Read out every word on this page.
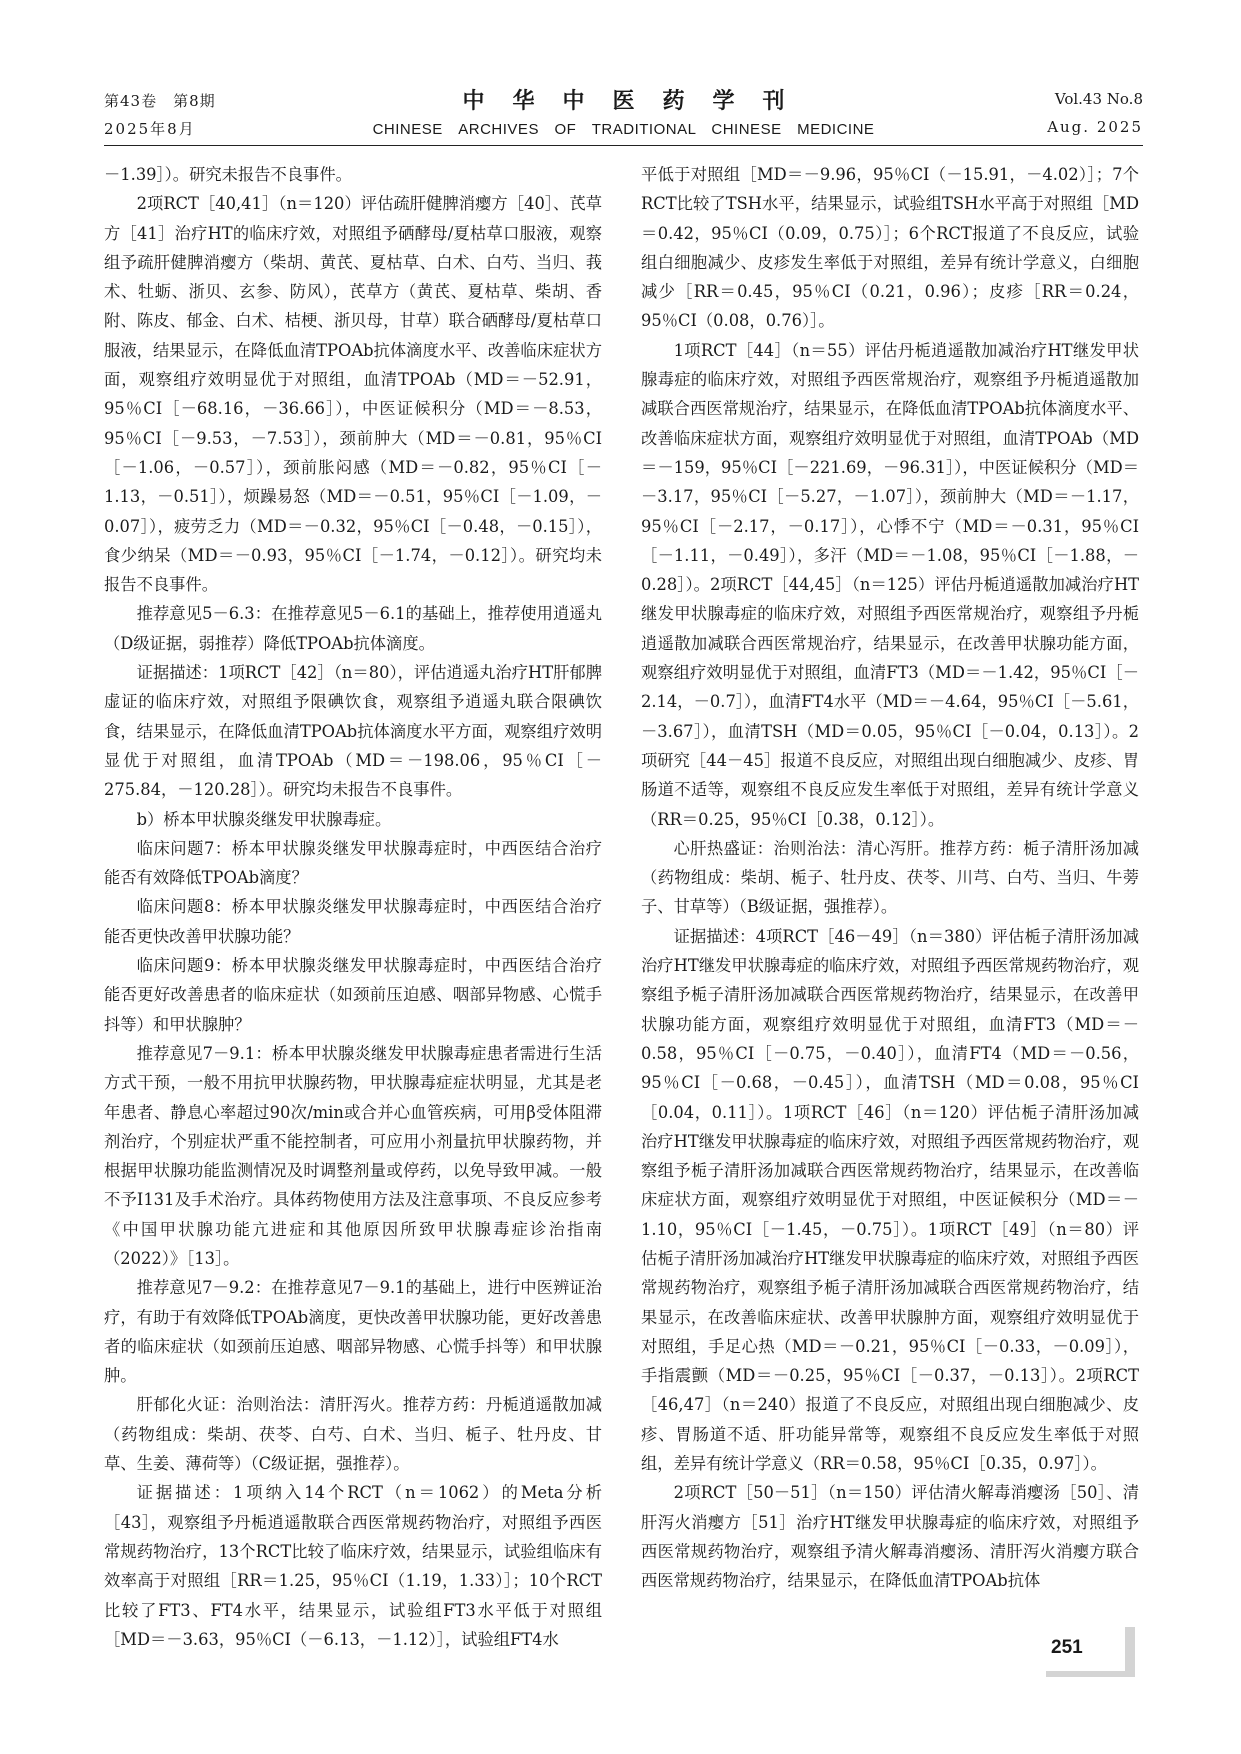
第43卷　第8期
2025年8月
中华中医药学刊
CHINESE　ARCHIVES　OF　TRADITIONAL　CHINESE　MEDICINE
Vol.43 No.8
Aug. 2025

－1.39］）。研究未报告不良事件。

2项RCT［40,41］（n＝120）评估疏肝健脾消瘿方［40］、芪草方［41］治疗HT的临床疗效，对照组予硒酵母/夏枯草口服液，观察组予疏肝健脾消瘿方（柴胡、黄芪、夏枯草、白术、白芍、当归、莪术、牡蛎、浙贝、玄参、防风），芪草方（黄芪、夏枯草、柴胡、香附、陈皮、郁金、白术、桔梗、浙贝母，甘草）联合硒酵母/夏枯草口服液，结果显示，在降低血清TPOAb抗体滴度水平、改善临床症状方面，观察组疗效明显优于对照组，血清TPOAb（MD＝－52.91，95％CI［－68.16，－36.66］），中医证候积分（MD＝－8.53，95％CI［－9.53，－7.53］），颈前肿大（MD＝－0.81，95％CI［－1.06，－0.57］），颈前胀闷感（MD＝－0.82，95％CI［－1.13，－0.51］），烦躁易怒（MD＝－0.51，95％CI［－1.09，－0.07］），疲劳乏力（MD＝－0.32，95％CI［－0.48，－0.15］），食少纳呆（MD＝－0.93，95％CI［－1.74，－0.12］）。研究均未报告不良事件。

推荐意见5－6.3：在推荐意见5－6.1的基础上，推荐使用逍遥丸（D级证据，弱推荐）降低TPOAb抗体滴度。

证据描述：1项RCT［42］（n＝80），评估逍遥丸治疗HT肝郁脾虚证的临床疗效，对照组予限碘饮食，观察组予逍遥丸联合限碘饮食，结果显示，在降低血清TPOAb抗体滴度水平方面，观察组疗效明显优于对照组，血清TPOAb（MD＝－198.06，95％CI［－275.84，－120.28］）。研究均未报告不良事件。

b）桥本甲状腺炎继发甲状腺毒症。

临床问题7：桥本甲状腺炎继发甲状腺毒症时，中西医结合治疗能否有效降低TPOAb滴度？

临床问题8：桥本甲状腺炎继发甲状腺毒症时，中西医结合治疗能否更快改善甲状腺功能？

临床问题9：桥本甲状腺炎继发甲状腺毒症时，中西医结合治疗能否更好改善患者的临床症状（如颈前压迫感、咽部异物感、心慌手抖等）和甲状腺肿？

推荐意见7－9.1：桥本甲状腺炎继发甲状腺毒症患者需进行生活方式干预，一般不用抗甲状腺药物，甲状腺毒症症状明显，尤其是老年患者、静息心率超过90次/min或合并心血管疾病，可用β受体阻滞剂治疗，个别症状严重不能控制者，可应用小剂量抗甲状腺药物，并根据甲状腺功能监测情况及时调整剂量或停药，以免导致甲减。一般不予I131及手术治疗。具体药物使用方法及注意事项、不良反应参考《中国甲状腺功能亢进症和其他原因所致甲状腺毒症诊治指南（2022）》［13］。

推荐意见7－9.2：在推荐意见7－9.1的基础上，进行中医辨证治疗，有助于有效降低TPOAb滴度，更快改善甲状腺功能，更好改善患者的临床症状（如颈前压迫感、咽部异物感、心慌手抖等）和甲状腺肿。

肝郁化火证：治则治法：清肝泻火。推荐方药：丹栀逍遥散加减（药物组成：柴胡、茯苓、白芍、白术、当归、栀子、牡丹皮、甘草、生姜、薄荷等）（C级证据，强推荐）。

证据描述：1项纳入14个RCT（n＝1062）的Meta分析［43］，观察组予丹栀逍遥散联合西医常规药物治疗，对照组予西医常规药物治疗，13个RCT比较了临床疗效，结果显示，试验组临床有效率高于对照组［RR＝1.25，95％CI（1.19，1.33）］；10个RCT比较了FT3、FT4水平，结果显示，试验组FT3水平低于对照组［MD＝－3.63，95％CI（－6.13，－1.12）］，试验组FT4水

平低于对照组［MD＝－9.96，95％CI（－15.91，－4.02）］；7个RCT比较了TSH水平，结果显示，试验组TSH水平高于对照组［MD＝0.42，95％CI（0.09，0.75）］；6个RCT报道了不良反应，试验组白细胞减少、皮疹发生率低于对照组，差异有统计学意义，白细胞减少［RR＝0.45，95％CI（0.21，0.96）；皮疹［RR＝0.24，95％CI（0.08，0.76）］。

1项RCT［44］（n＝55）评估丹栀逍遥散加减治疗HT继发甲状腺毒症的临床疗效，对照组予西医常规治疗，观察组予丹栀逍遥散加减联合西医常规治疗，结果显示，在降低血清TPOAb抗体滴度水平、改善临床症状方面，观察组疗效明显优于对照组，血清TPOAb（MD＝－159，95％CI［－221.69，－96.31］），中医证候积分（MD＝－3.17，95％CI［－5.27，－1.07］），颈前肿大（MD＝－1.17，95％CI［－2.17，－0.17］），心悸不宁（MD＝－0.31，95％CI［－1.11，－0.49］），多汗（MD＝－1.08，95％CI［－1.88，－0.28］）。2项RCT［44,45］（n＝125）评估丹栀逍遥散加减治疗HT继发甲状腺毒症的临床疗效，对照组予西医常规治疗，观察组予丹栀逍遥散加减联合西医常规治疗，结果显示，在改善甲状腺功能方面，观察组疗效明显优于对照组，血清FT3（MD＝－1.42，95％CI［－2.14，－0.7］），血清FT4水平（MD＝－4.64，95％CI［－5.61，－3.67］），血清TSH（MD＝0.05，95％CI［－0.04，0.13］）。2项研究［44－45］报道不良反应，对照组出现白细胞减少、皮疹、胃肠道不适等，观察组不良反应发生率低于对照组，差异有统计学意义（RR＝0.25，95％CI［0.38，0.12］）。

心肝热盛证：治则治法：清心泻肝。推荐方药：栀子清肝汤加减（药物组成：柴胡、栀子、牡丹皮、茯苓、川芎、白芍、当归、牛蒡子、甘草等）（B级证据，强推荐）。

证据描述：4项RCT［46－49］（n＝380）评估栀子清肝汤加减治疗HT继发甲状腺毒症的临床疗效，对照组予西医常规药物治疗，观察组予栀子清肝汤加减联合西医常规药物治疗，结果显示，在改善甲状腺功能方面，观察组疗效明显优于对照组，血清FT3（MD＝－0.58，95％CI［－0.75，－0.40］），血清FT4（MD＝－0.56，95％CI［－0.68，－0.45］），血清TSH（MD＝0.08，95％CI［0.04，0.11］）。1项RCT［46］（n＝120）评估栀子清肝汤加减治疗HT继发甲状腺毒症的临床疗效，对照组予西医常规药物治疗，观察组予栀子清肝汤加减联合西医常规药物治疗，结果显示，在改善临床症状方面，观察组疗效明显优于对照组，中医证候积分（MD＝－1.10，95％CI［－1.45，－0.75］）。1项RCT［49］（n＝80）评估栀子清肝汤加减治疗HT继发甲状腺毒症的临床疗效，对照组予西医常规药物治疗，观察组予栀子清肝汤加减联合西医常规药物治疗，结果显示，在改善临床症状、改善甲状腺肿方面，观察组疗效明显优于对照组，手足心热（MD＝－0.21，95％CI［－0.33，－0.09］），手指震颤（MD＝－0.25，95％CI［－0.37，－0.13］）。2项RCT［46,47］（n＝240）报道了不良反应，对照组出现白细胞减少、皮疹、胃肠道不适、肝功能异常等，观察组不良反应发生率低于对照组，差异有统计学意义（RR＝0.58，95％CI［0.35，0.97］）。

2项RCT［50－51］（n＝150）评估清火解毒消瘿汤［50］、清肝泻火消瘿方［51］治疗HT继发甲状腺毒症的临床疗效，对照组予西医常规药物治疗，观察组予清火解毒消瘿汤、清肝泻火消瘿方联合西医常规药物治疗，结果显示，在降低血清TPOAb抗体

251
